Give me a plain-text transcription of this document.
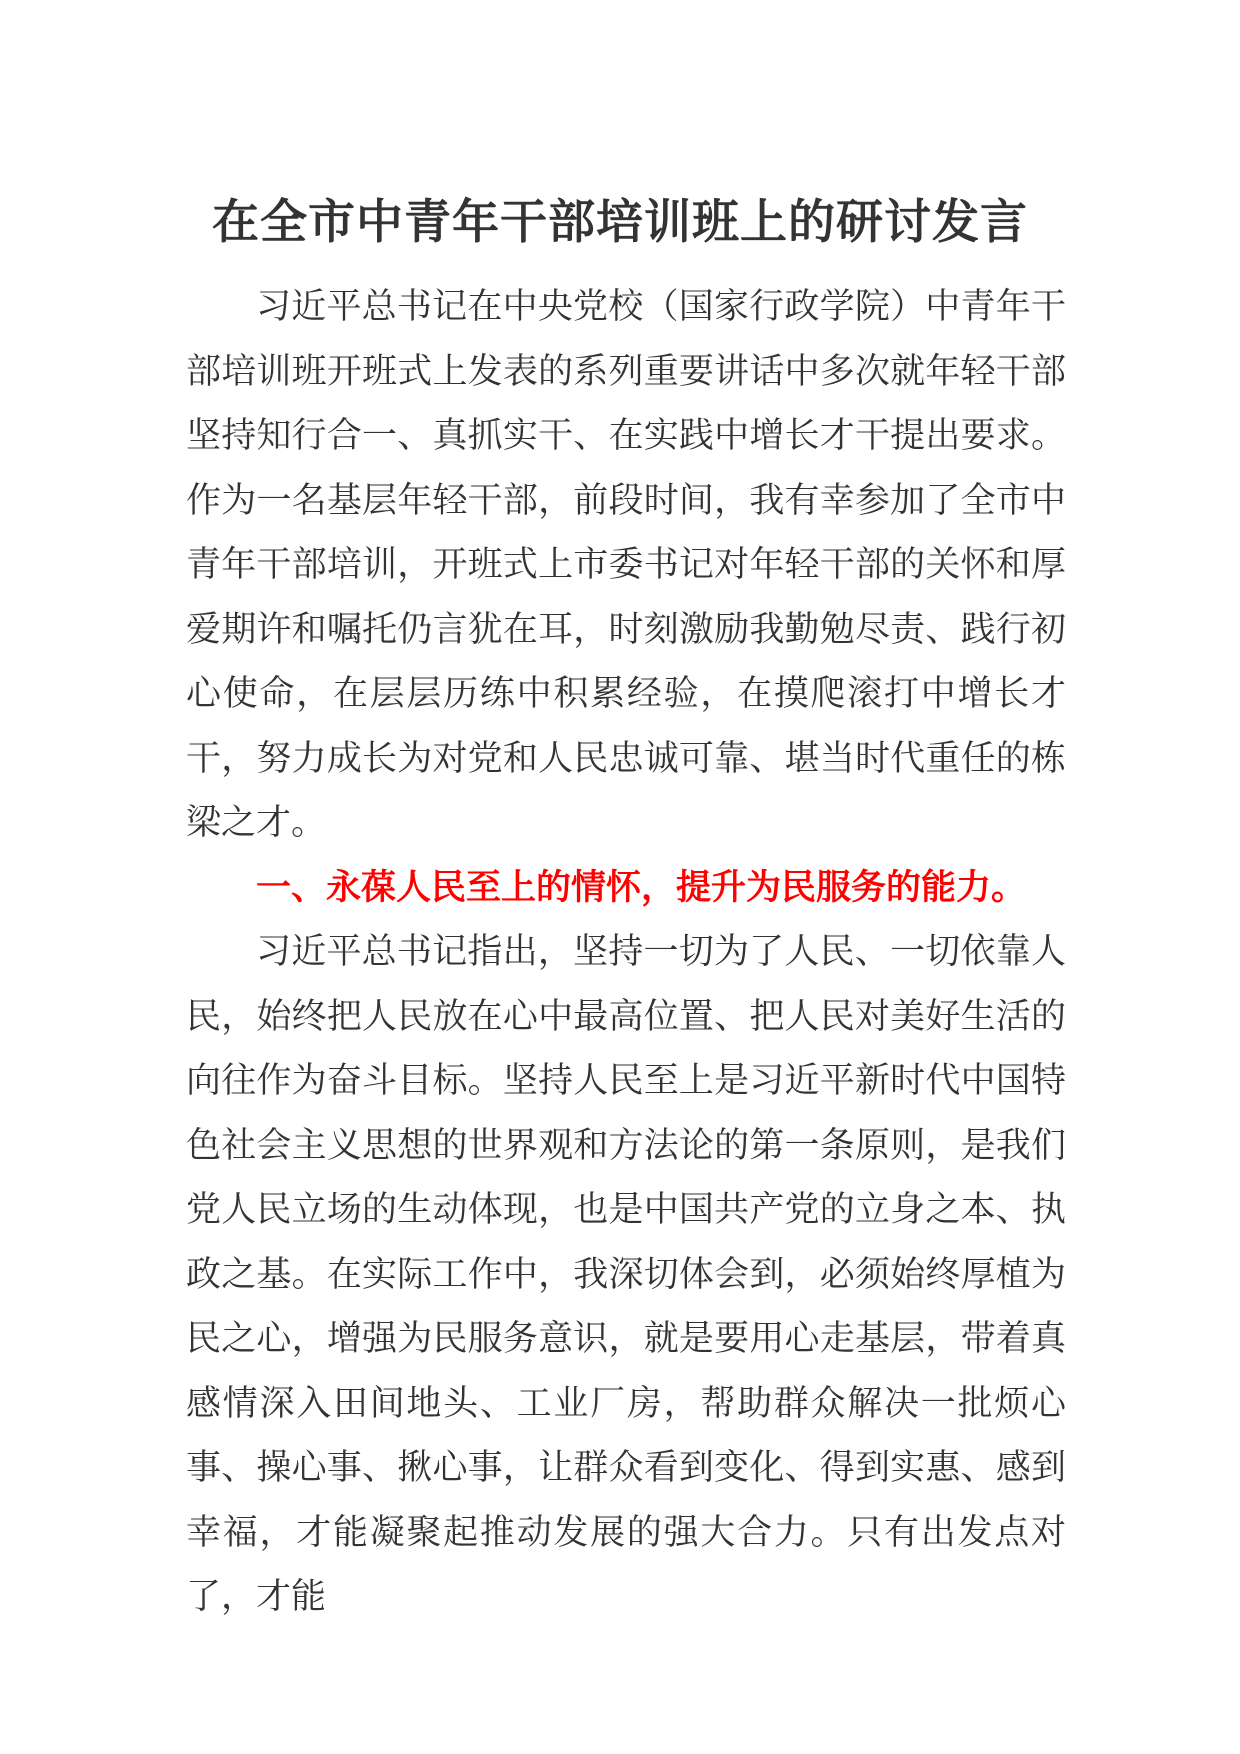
在全市中青年干部培训班上的研讨发言

习近平总书记在中央党校（国家行政学院）中青年干部培训班开班式上发表的系列重要讲话中多次就年轻干部坚持知行合一、真抓实干、在实践中增长才干提出要求。作为一名基层年轻干部，前段时间，我有幸参加了全市中青年干部培训，开班式上市委书记对年轻干部的关怀和厚爱期许和嘱托仍言犹在耳，时刻激励我勤勉尽责、践行初心使命，在层层历练中积累经验，在摸爬滚打中增长才干，努力成长为对党和人民忠诚可靠、堪当时代重任的栋梁之才。

一、永葆人民至上的情怀，提升为民服务的能力。

习近平总书记指出，坚持一切为了人民、一切依靠人民，始终把人民放在心中最高位置、把人民对美好生活的向往作为奋斗目标。坚持人民至上是习近平新时代中国特色社会主义思想的世界观和方法论的第一条原则，是我们党人民立场的生动体现，也是中国共产党的立身之本、执政之基。在实际工作中，我深切体会到，必须始终厚植为民之心，增强为民服务意识，就是要用心走基层，带着真感情深入田间地头、工业厂房，帮助群众解决一批烦心事、操心事、揪心事，让群众看到变化、得到实惠、感到幸福，才能凝聚起推动发展的强大合力。只有出发点对了，才能
